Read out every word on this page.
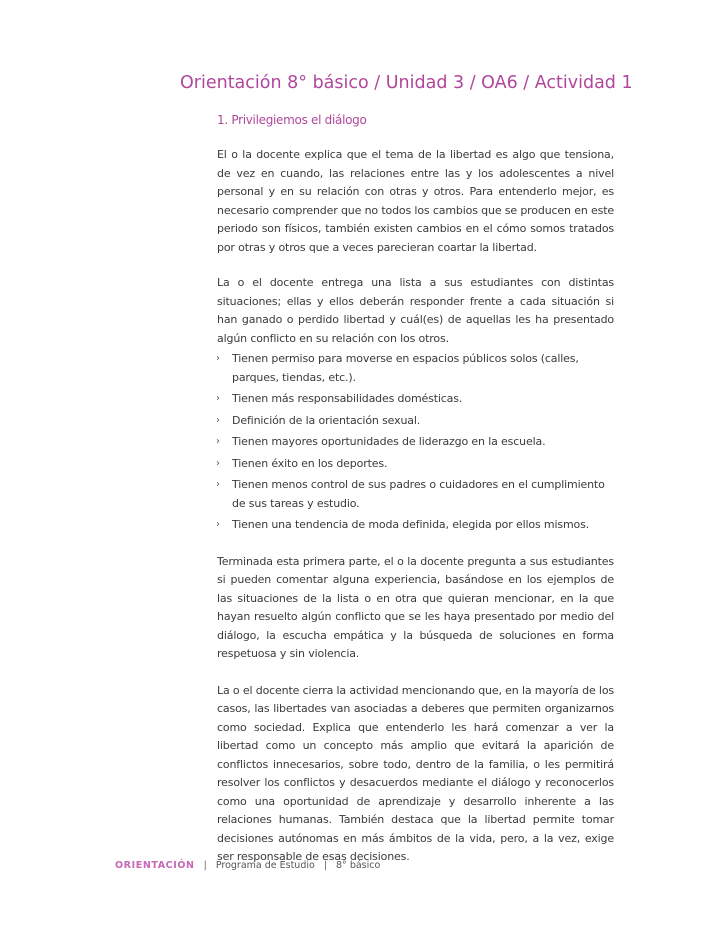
Orientación 8° básico / Unidad 3 / OA6 / Actividad 1
1. Privilegiemos el diálogo

El o la docente explica que el tema de la libertad es algo que tensiona, de vez en cuando, las relaciones entre las y los adolescentes a nivel personal y en su relación con otras y otros. Para entenderlo mejor, es necesario comprender que no todos los cambios que se producen en este periodo son físicos, también existen cambios en el cómo somos tratados por otras y otros que a veces parecieran coartar la libertad.

La o el docente entrega una lista a sus estudiantes con distintas situaciones; ellas y ellos deberán responder frente a cada situación si han ganado o perdido libertad y cuál(es) de aquellas les ha presentado algún conflicto en su relación con los otros.

›	Tienen permiso para moverse en espacios públicos solos (calles, parques, tiendas, etc.).
›	Tienen más responsabilidades domésticas.
›	Definición de la orientación sexual.
›	Tienen mayores oportunidades de liderazgo en la escuela.
›	Tienen éxito en los deportes.
›	Tienen menos control de sus padres o cuidadores en el cumplimiento de sus tareas y estudio.
›	Tienen una tendencia de moda definida, elegida por ellos mismos.

Terminada esta primera parte, el o la docente pregunta a sus estudiantes si pueden comentar alguna experiencia, basándose en los ejemplos de las situaciones de la lista o en otra que quieran mencionar, en la que hayan resuelto algún conflicto que se les haya presentado por medio del diálogo, la escucha empática y la búsqueda de soluciones en forma respetuosa y sin violencia.

La o el docente cierra la actividad mencionando que, en la mayoría de los casos, las libertades van asociadas a deberes que permiten organizarnos como sociedad. Explica que entenderlo les hará comenzar a ver la libertad como un concepto más amplio que evitará la aparición de conflictos innecesarios, sobre todo, dentro de la familia, o les permitirá resolver los conflictos y desacuerdos mediante el diálogo y reconocerlos como una oportunidad de aprendizaje y desarrollo inherente a las relaciones humanas. También destaca que la libertad permite tomar decisiones autónomas en más ámbitos de la vida, pero, a la vez, exige ser responsable de esas decisiones.

ORIENTACIÓN | Programa de Estudio | 8° básico
